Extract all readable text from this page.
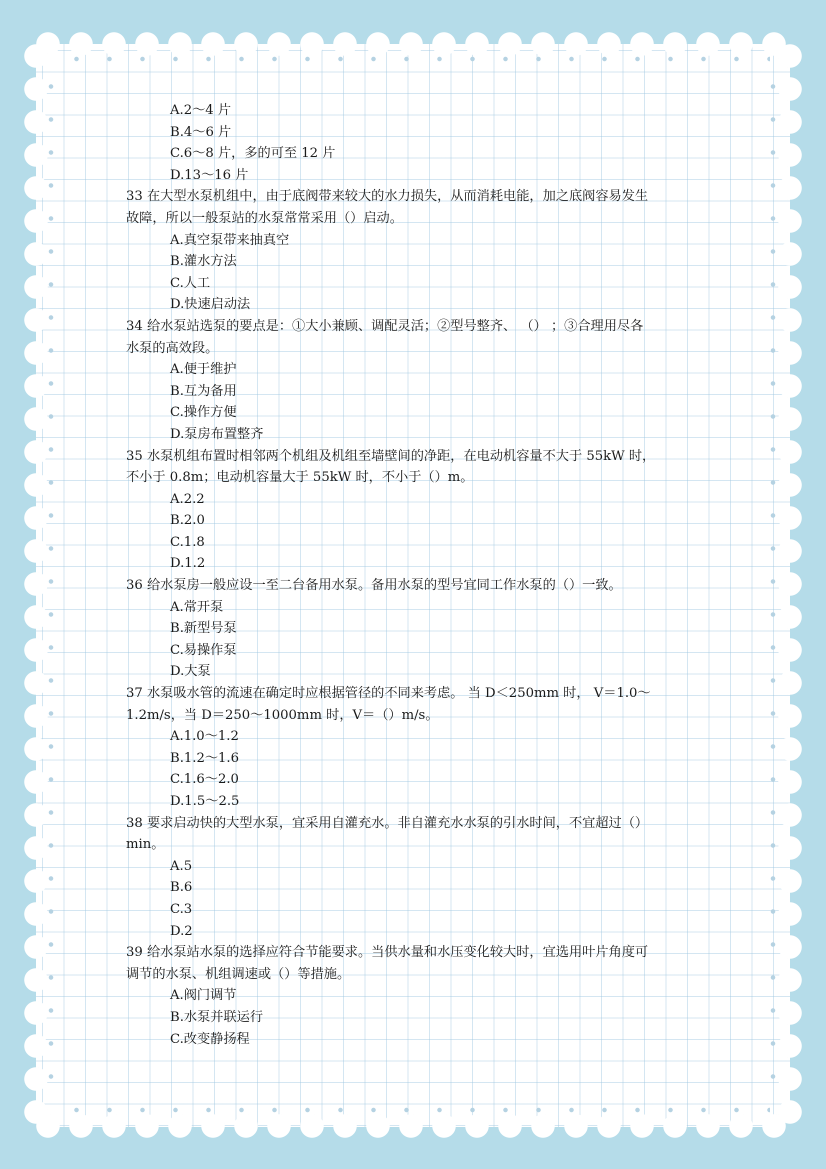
A.2～4 片

B.4～6 片

C.6～8 片，多的可至 12 片

D.13～16 片

33 在大型水泵机组中，由于底阀带来较大的水力损失，从而消耗电能，加之底阀容易发生

故障，所以一般泵站的水泵常常采用（）启动。

A.真空泵带来抽真空

B.灌水方法

C.人工

D.快速启动法

34 给水泵站选泵的要点是：①大小兼顾、调配灵活；②型号整齐、 （） ；③合理用尽各

水泵的高效段。

A.便于维护

B.互为备用

C.操作方便

D.泵房布置整齐

35 水泵机组布置时相邻两个机组及机组至墙壁间的净距，在电动机容量不大于 55kW 时，

不小于 0.8m；电动机容量大于 55kW 时，不小于（）m。

A.2.2

B.2.0

C.1.8

D.1.2

36 给水泵房一般应设一至二台备用水泵。备用水泵的型号宜同工作水泵的（）一致。

A.常开泵

B.新型号泵

C.易操作泵

D.大泵

37 水泵吸水管的流速在确定时应根据管径的不同来考虑。 当 D＜250mm 时， V＝1.0～

1.2m/s，当 D＝250～1000mm 时，V＝（）m/s。

A.1.0～1.2

B.1.2～1.6

C.1.6～2.0

D.1.5～2.5

38 要求启动快的大型水泵，宜采用自灌充水。非自灌充水水泵的引水时间，不宜超过（）

min。

A.5

B.6

C.3

D.2

39 给水泵站水泵的选择应符合节能要求。当供水量和水压变化较大时，宜选用叶片角度可

调节的水泵、机组调速或（）等措施。

A.阀门调节

B.水泵并联运行

C.改变静扬程
